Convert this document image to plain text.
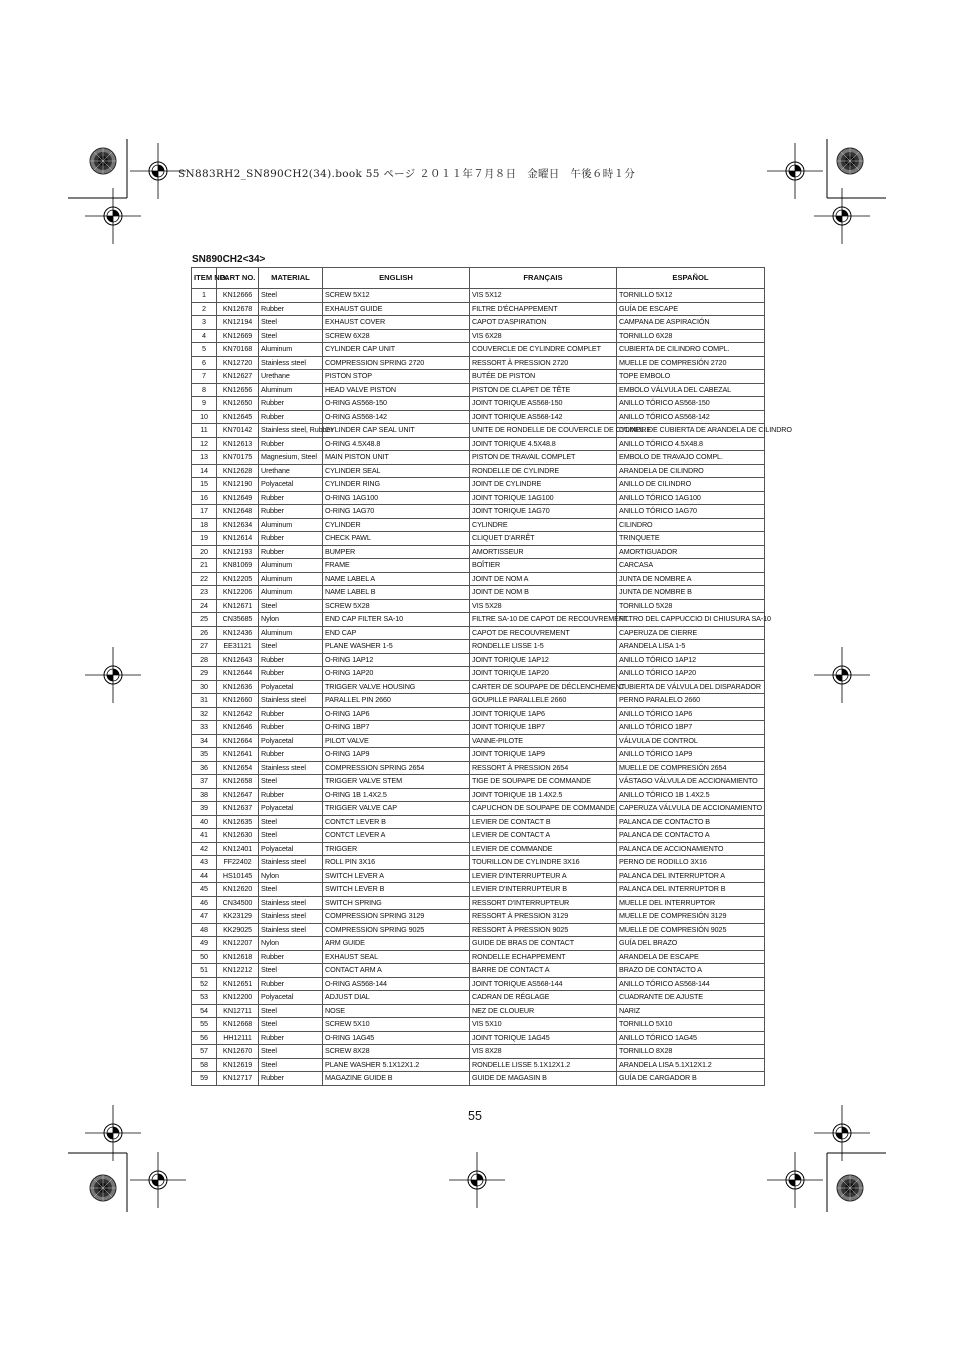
SN883RH2_SN890CH2(34).book 55 ページ ２０１１年７月８日　金曜日　午後６時１分
SN890CH2<34>
ITEM NO.	PART NO.	MATERIAL	ENGLISH	FRANÇAIS	ESPAÑOL
1	KN12666	Steel	SCREW 5X12	VIS 5X12	TORNILLO 5X12
2	KN12678	Rubber	EXHAUST GUIDE	FILTRE D'ÉCHAPPEMENT	GUÍA DE ESCAPE
3	KN12194	Steel	EXHAUST COVER	CAPOT D'ASPIRATION	CAMPANA DE ASPIRACIÓN
4	KN12669	Steel	SCREW 6X28	VIS 6X28	TORNILLO 6X28
5	KN70168	Aluminum	CYLINDER CAP UNIT	COUVERCLE DE CYLINDRE COMPLET	CUBIERTA DE CILINDRO COMPL.
6	KN12720	Stainless steel	COMPRESSION SPRING 2720	RESSORT À PRESSION 2720	MUELLE DE COMPRESIÓN 2720
7	KN12627	Urethane	PISTON STOP	BUTÉE DE PISTON	TOPE EMBOLO
8	KN12656	Aluminum	HEAD VALVE PISTON	PISTON DE CLAPET DE TÊTE	EMBOLO VÁLVULA DEL CABEZAL
9	KN12650	Rubber	O-RING AS568-150	JOINT TORIQUE AS568-150	ANILLO TÓRICO AS568-150
10	KN12645	Rubber	O-RING AS568-142	JOINT TORIQUE AS568-142	ANILLO TÓRICO AS568-142
11	KN70142	Stainless steel, Rubber	CYLINDER CAP SEAL UNIT	UNITE DE RONDELLE DE COUVERCLE DE CYLINDRE	COMPL. DE CUBIERTA DE ARANDELA DE CILINDRO
12	KN12613	Rubber	O-RING 4.5X48.8	JOINT TORIQUE 4.5X48.8	ANILLO TÓRICO 4.5X48.8
13	KN70175	Magnesium, Steel	MAIN PISTON UNIT	PISTON DE TRAVAIL COMPLET	EMBOLO DE TRAVAJO COMPL.
14	KN12628	Urethane	CYLINDER SEAL	RONDELLE DE CYLINDRE	ARANDELA DE CILINDRO
15	KN12190	Polyacetal	CYLINDER RING	JOINT DE CYLINDRE	ANILLO DE CILINDRO
16	KN12649	Rubber	O-RING 1AG100	JOINT TORIQUE 1AG100	ANILLO TÓRICO 1AG100
17	KN12648	Rubber	O-RING 1AG70	JOINT TORIQUE 1AG70	ANILLO TÓRICO 1AG70
18	KN12634	Aluminum	CYLINDER	CYLINDRE	CILINDRO
19	KN12614	Rubber	CHECK PAWL	CLIQUET D'ARRÊT	TRINQUETE
20	KN12193	Rubber	BUMPER	AMORTISSEUR	AMORTIGUADOR
21	KN81069	Aluminum	FRAME	BOÎTIER	CARCASA
22	KN12205	Aluminum	NAME LABEL A	JOINT DE NOM A	JUNTA DE NOMBRE A
23	KN12206	Aluminum	NAME LABEL B	JOINT DE NOM B	JUNTA DE NOMBRE B
24	KN12671	Steel	SCREW 5X28	VIS 5X28	TORNILLO 5X28
25	CN35685	Nylon	END CAP FILTER SA-10	FILTRE SA-10 DE CAPOT DE RECOUVREMENT	FILTRO DEL CAPPUCCIO DI CHIUSURA SA-10
26	KN12436	Aluminum	END CAP	CAPOT DE RECOUVREMENT	CAPERUZA DE CIERRE
27	EE31121	Steel	PLANE WASHER 1-5	RONDELLE LISSE 1-5	ARANDELA LISA 1-5
28	KN12643	Rubber	O-RING 1AP12	JOINT TORIQUE 1AP12	ANILLO TÓRICO 1AP12
29	KN12644	Rubber	O-RING 1AP20	JOINT TORIQUE 1AP20	ANILLO TÓRICO 1AP20
30	KN12636	Polyacetal	TRIGGER VALVE HOUSING	CARTER DE SOUPAPE DE DÉCLENCHEMENT	CUBIERTA DE VÁLVULA DEL DISPARADOR
31	KN12660	Stainless steel	PARALLEL PIN 2660	GOUPILLE PARALLELE 2660	PERNO PARALELO 2660
32	KN12642	Rubber	O-RING 1AP6	JOINT TORIQUE 1AP6	ANILLO TÓRICO 1AP6
33	KN12646	Rubber	O-RING 1BP7	JOINT TORIQUE 1BP7	ANILLO TÓRICO 1BP7
34	KN12664	Polyacetal	PILOT VALVE	VANNE-PILOTE	VÁLVULA DE CONTROL
35	KN12641	Rubber	O-RING 1AP9	JOINT TORIQUE 1AP9	ANILLO TÓRICO 1AP9
36	KN12654	Stainless steel	COMPRESSION SPRING 2654	RESSORT À PRESSION 2654	MUELLE DE COMPRESIÓN 2654
37	KN12658	Steel	TRIGGER VALVE STEM	TIGE DE SOUPAPE DE COMMANDE	VÁSTAGO VÁLVULA DE ACCIONAMIENTO
38	KN12647	Rubber	O-RING 1B 1.4X2.5	JOINT TORIQUE 1B 1.4X2.5	ANILLO TÓRICO 1B 1.4X2.5
39	KN12637	Polyacetal	TRIGGER VALVE CAP	CAPUCHON DE SOUPAPE DE COMMANDE	CAPERUZA VÁLVULA DE ACCIONAMIENTO
40	KN12635	Steel	CONTCT LEVER B	LEVIER DE CONTACT B	PALANCA DE CONTACTO B
41	KN12630	Steel	CONTCT LEVER A	LEVIER DE CONTACT A	PALANCA DE CONTACTO A
42	KN12401	Polyacetal	TRIGGER	LEVIER DE COMMANDE	PALANCA DE ACCIONAMIENTO
43	FF22402	Stainless steel	ROLL PIN 3X16	TOURILLON DE CYLINDRE 3X16	PERNO DE RODILLO 3X16
44	HS10145	Nylon	SWITCH LEVER A	LEVIER D'INTERRUPTEUR A	PALANCA DEL INTERRUPTOR A
45	KN12620	Steel	SWITCH LEVER B	LEVIER D'INTERRUPTEUR B	PALANCA DEL INTERRUPTOR B
46	CN34500	Stainless steel	SWITCH SPRING	RESSORT D'INTERRUPTEUR	MUELLE DEL INTERRUPTOR
47	KK23129	Stainless steel	COMPRESSION SPRING 3129	RESSORT À PRESSION 3129	MUELLE DE COMPRESIÓN 3129
48	KK29025	Stainless steel	COMPRESSION SPRING 9025	RESSORT À PRESSION 9025	MUELLE DE COMPRESIÓN 9025
49	KN12207	Nylon	ARM GUIDE	GUIDE DE BRAS DE CONTACT	GUÍA DEL BRAZO
50	KN12618	Rubber	EXHAUST SEAL	RONDELLE ECHAPPEMENT	ARANDELA DE ESCAPE
51	KN12212	Steel	CONTACT ARM A	BARRE DE CONTACT A	BRAZO DE CONTACTO A
52	KN12651	Rubber	O-RING AS568-144	JOINT TORIQUE AS568-144	ANILLO TÓRICO AS568-144
53	KN12200	Polyacetal	ADJUST DIAL	CADRAN DE RÉGLAGE	CUADRANTE DE AJUSTE
54	KN12711	Steel	NOSE	NEZ DE CLOUEUR	NARIZ
55	KN12668	Steel	SCREW 5X10	VIS 5X10	TORNILLO 5X10
56	HH12111	Rubber	O-RING 1AG45	JOINT TORIQUE 1AG45	ANILLO TÓRICO 1AG45
57	KN12670	Steel	SCREW 8X28	VIS 8X28	TORNILLO 8X28
58	KN12619	Steel	PLANE WASHER 5.1X12X1.2	RONDELLE LISSE 5.1X12X1.2	ARANDELA LISA 5.1X12X1.2
59	KN12717	Rubber	MAGAZINE GUIDE B	GUIDE DE MAGASIN B	GUÍA DE CARGADOR B
55
